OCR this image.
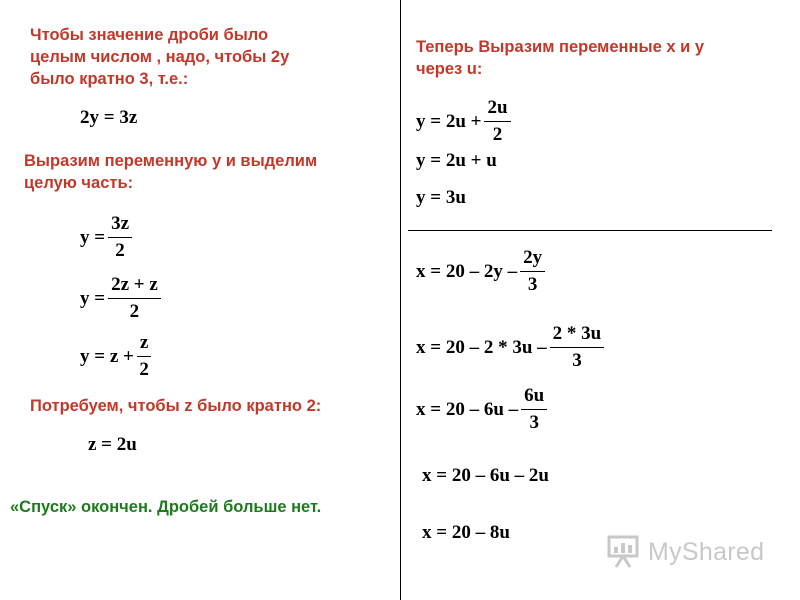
Чтобы значение дроби было
целым числом , надо, чтобы 2у
было кратно 3, т.е.:

2y = 3z

Выразим переменную у и выделим
целую часть:

$y = \frac{3z}{2}$
$y = \frac{2z + z}{2}$
$y = z + \frac{z}{2}$

Потребуем, чтобы z было кратно 2:

z = 2u

«Спуск» окончен. Дробей больше нет.

Теперь Выразим переменные х и у
через u:

$y = 2u + \frac{2u}{2}$
y = 2u + u
y = 3u
$x = 20 - 2y - \frac{2y}{3}$
$x = 20 - 2 * 3u - \frac{2 * 3u}{3}$
$x = 20 - 6u - \frac{6u}{3}$
x = 20 – 6u – 2u
x = 20 – 8u
MyShared
